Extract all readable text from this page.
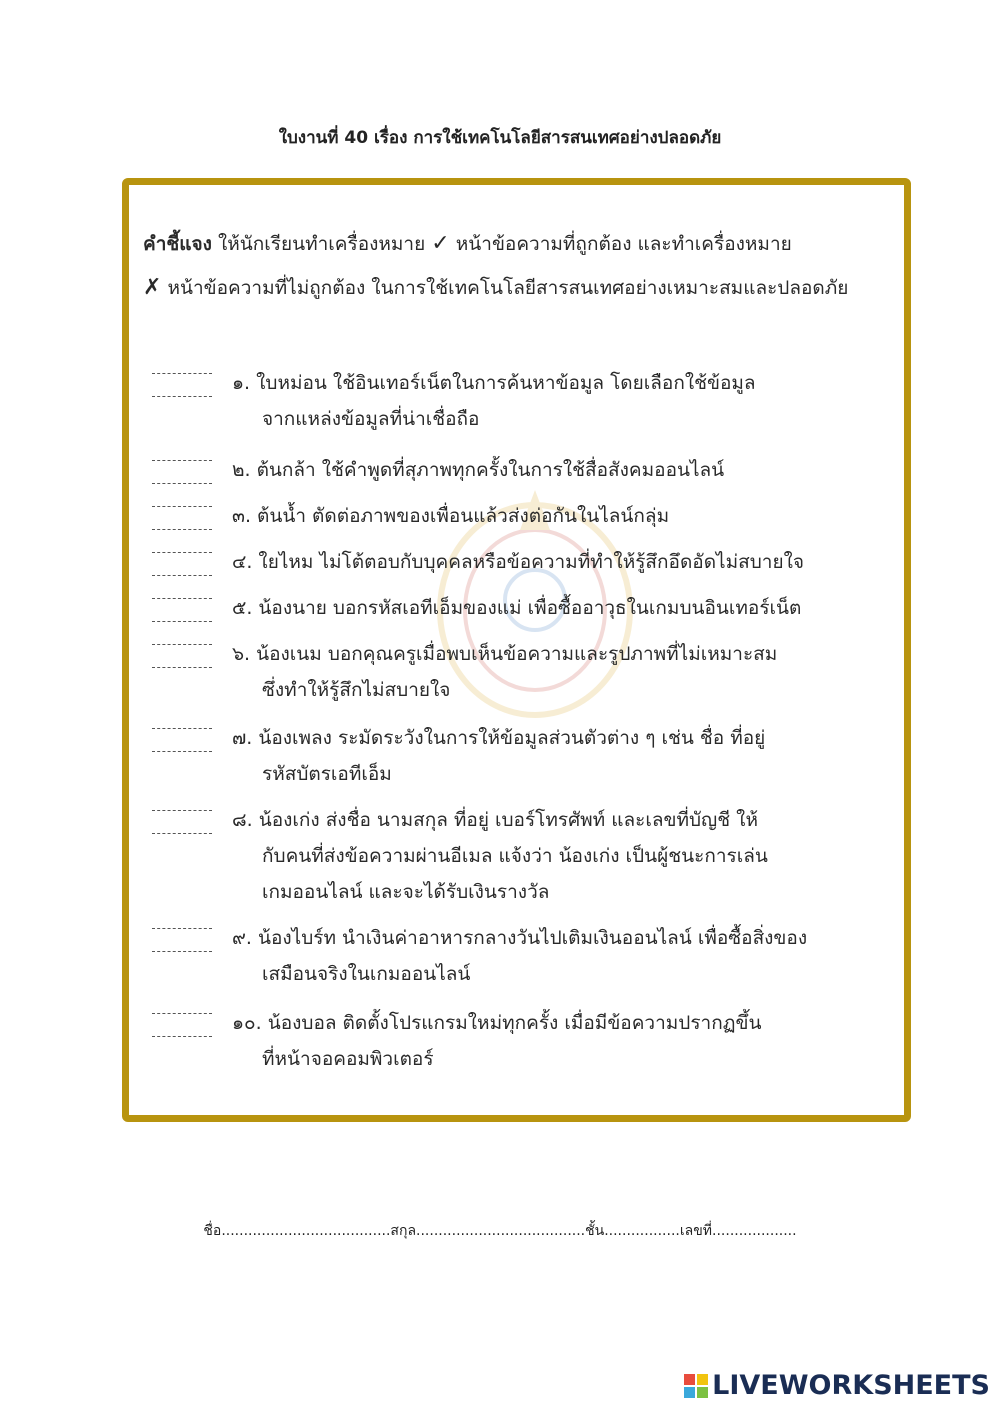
ใบงานที่ 40 เรื่อง การใช้เทคโนโลยีสารสนเทศอย่างปลอดภัย
คำชี้แจง ให้นักเรียนทำเครื่องหมาย ✓ หน้าข้อความที่ถูกต้อง และทำเครื่องหมาย
✗ หน้าข้อความที่ไม่ถูกต้อง ในการใช้เทคโนโลยีสารสนเทศอย่างเหมาะสมและปลอดภัย
๑. ใบหม่อน ใช้อินเทอร์เน็ตในการค้นหาข้อมูล โดยเลือกใช้ข้อมูล
จากแหล่งข้อมูลที่น่าเชื่อถือ
๒. ต้นกล้า ใช้คำพูดที่สุภาพทุกครั้งในการใช้สื่อสังคมออนไลน์
๓. ต้นน้ำ ตัดต่อภาพของเพื่อนแล้วส่งต่อกันในไลน์กลุ่ม
๔. ใยไหม ไม่โต้ตอบกับบุคคลหรือข้อความที่ทำให้รู้สึกอึดอัดไม่สบายใจ
๕. น้องนาย บอกรหัสเอทีเอ็มของแม่ เพื่อซื้ออาวุธในเกมบนอินเทอร์เน็ต
๖. น้องเนม บอกคุณครูเมื่อพบเห็นข้อความและรูปภาพที่ไม่เหมาะสม
ซึ่งทำให้รู้สึกไม่สบายใจ
๗. น้องเพลง ระมัดระวังในการให้ข้อมูลส่วนตัวต่าง ๆ เช่น ชื่อ ที่อยู่
รหัสบัตรเอทีเอ็ม
๘. น้องเก่ง ส่งชื่อ นามสกุล ที่อยู่ เบอร์โทรศัพท์ และเลขที่บัญชี ให้
กับคนที่ส่งข้อความผ่านอีเมล แจ้งว่า น้องเก่ง เป็นผู้ชนะการเล่น
เกมออนไลน์ และจะได้รับเงินรางวัล
๙. น้องไบร์ท นำเงินค่าอาหารกลางวันไปเติมเงินออนไลน์ เพื่อซื้อสิ่งของ
เสมือนจริงในเกมออนไลน์
๑๐. น้องบอล ติดตั้งโปรแกรมใหม่ทุกครั้ง เมื่อมีข้อความปรากฏขึ้น
ที่หน้าจอคอมพิวเตอร์
ชื่อ......................................สกุล......................................ชั้น.................เลขที่...................
LIVEWORKSHEETS
